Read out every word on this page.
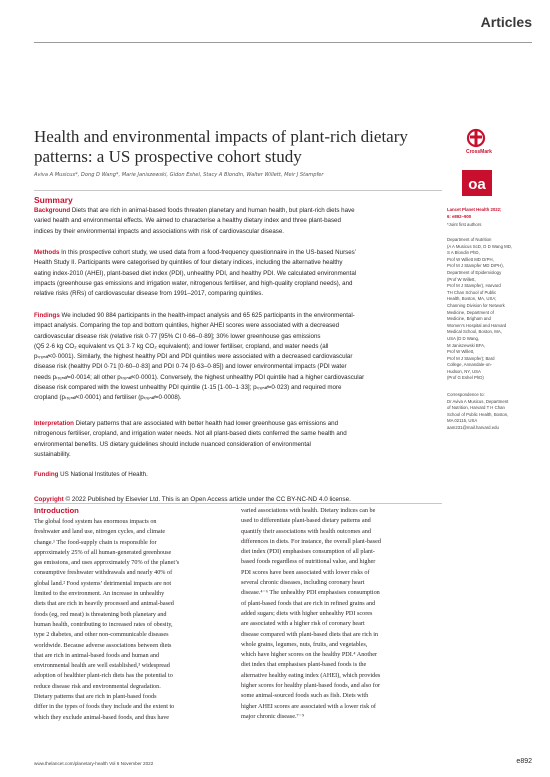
Articles
Health and environmental impacts of plant-rich dietary
patterns: a US prospective cohort study
Aviva A Musicus*, Dong D Wang*, Marie Janiszewski, Gidon Eshel, Stacy A Blondin, Walter Willett, Meir J Stampfer
CrossMark
oa
Summary
Background Diets that are rich in animal-based foods threaten planetary and human health, but plant-rich diets have
varied health and environmental effects. We aimed to characterise a healthy dietary index and three plant-based
indices by their environmental impacts and associations with risk of cardiovascular disease.
Methods In this prospective cohort study, we used data from a food-frequency questionnaire in the US-based Nurses’
Health Study II. Participants were categorised by quintiles of four dietary indices, including the alternative healthy
eating index-2010 (AHEI), plant-based diet index (PDI), unhealthy PDI, and healthy PDI. We calculated environmental
impacts (greenhouse gas emissions and irrigation water, nitrogenous fertiliser, and high-quality cropland needs), and
relative risks (RRs) of cardiovascular disease from 1991–2017, comparing quintiles.
Findings We included 90 884 participants in the health-impact analysis and 65 625 participants in the environmental-
impact analysis. Comparing the top and bottom quintiles, higher AHEI scores were associated with a decreased
cardiovascular disease risk (relative risk 0·77 [95% CI 0·66–0·89]; 30% lower greenhouse gas emissions
(Q5 2·6 kg CO₂ equivalent vs Q1 3·7 kg CO₂ equivalent); and lower fertiliser, cropland, and water needs (all
pₜᵣₑₙ𝒹<0·0001). Similarly, the highest healthy PDI and PDI quintiles were associated with a decreased cardiovascular
disease risk (healthy PDI 0·71 [0·60–0·83] and PDI 0·74 [0·63–0·85]) and lower environmental impacts (PDI water
needs pₜᵣₑₙ𝒹=0·0014; all other pₜᵣₑₙ𝒹<0·0001). Conversely, the highest unhealthy PDI quintile had a higher cardiovascular
disease risk compared with the lowest unhealthy PDI quintile (1·15 [1·00–1·33]; pₜᵣₑₙ𝒹=0·023) and required more
cropland (pₜᵣₑₙ𝒹<0·0001) and fertiliser (pₜᵣₑₙ𝒹=0·0008).
Interpretation Dietary patterns that are associated with better health had lower greenhouse gas emissions and
nitrogenous fertiliser, cropland, and irrigation water needs. Not all plant-based diets conferred the same health and
environmental benefits. US dietary guidelines should include nuanced consideration of environmental
sustainability.
Funding US National Institutes of Health.
Copyright © 2022 Published by Elsevier Ltd. This is an Open Access article under the CC BY-NC-ND 4.0 license.
Lancet Planet Health 2022;
6: e892–900
*Joint first authors
Department of Nutrition
(A A Musicus ScD, D D Wang MD,
S A Blondin PhD,
Prof W Willett MD DrPH,
Prof M J Stampfer MD DrPH),
Department of Epidemiology
(Prof W Willett,
Prof M J Stampfer), Harvard
TH Chan School of Public
Health, Boston, MA, USA;
Channing Division for Network
Medicine, Department of
Medicine, Brigham and
Women’s Hospital and Harvard
Medical School, Boston, MA,
USA (D D Wang,
M Janiszewski BFA,
Prof W Willett,
Prof M J Stampfer); Bard
College, Annandale-on-
Hudson, NY, USA
(Prof G Eshel PhD)
Correspondence to:
Dr Aviva A Musicus, Department
of Nutrition, Harvard T H Chan
School of Public Health, Boston,
MA 02115, USA
aam231@mail.harvard.edu
Introduction
The global food system has enormous impacts on
freshwater and land use, nitrogen cycles, and climate
change.¹ The food-supply chain is responsible for
approximately 25% of all human-generated greenhouse
gas emissions, and uses approximately 70% of the planet’s
consumptive freshwater withdrawals and nearly 40% of
global land.² Food systems’ detrimental impacts are not
limited to the environment. An increase in unhealthy
diets that are rich in heavily processed and animal-based
foods (eg, red meat) is threatening both planetary and
human health, contributing to increased rates of obesity,
type 2 diabetes, and other non-communicable diseases
worldwide. Because adverse associations between diets
that are rich in animal-based foods and human and
environmental health are well established,³ widespread
adoption of healthier plant-rich diets has the potential to
reduce disease risk and environmental degradation.
Dietary patterns that are rich in plant-based foods
differ in the types of foods they include and the extent to
which they exclude animal-based foods, and thus have
varied associations with health. Dietary indices can be
used to differentiate plant-based dietary patterns and
quantify their associations with health outcomes and
differences in diets. For instance, the overall plant-based
diet index (PDI) emphasises consumption of all plant-
based foods regardless of nutritional value, and higher
PDI scores have been associated with lower risks of
several chronic diseases, including coronary heart
disease.⁴⁻⁶ The unhealthy PDI emphasises consumption
of plant-based foods that are rich in refined grains and
added sugars; diets with higher unhealthy PDI scores
are associated with a higher risk of coronary heart
disease compared with plant-based diets that are rich in
whole grains, legumes, nuts, fruits, and vegetables,
which have higher scores on the healthy PDI.⁴ Another
diet index that emphasises plant-based foods is the
alternative healthy eating index (AHEI), which provides
higher scores for healthy plant-based foods, and also for
some animal-sourced foods such as fish. Diets with
higher AHEI scores are associated with a lower risk of
major chronic disease.⁷⁻⁹
www.thelancet.com/planetary-health Vol 6 November 2022	e892
